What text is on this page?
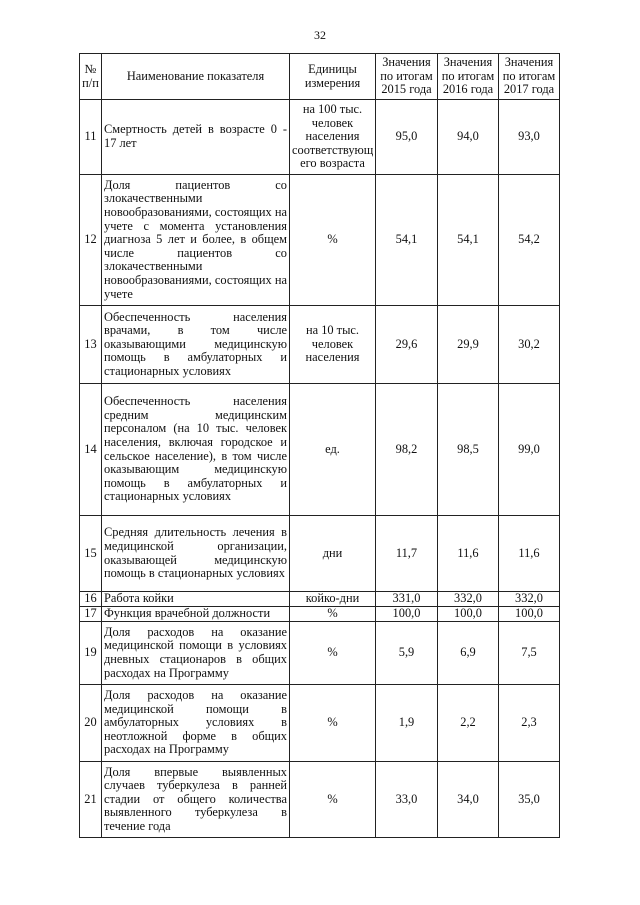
32
№ п/п	Наименование показателя	Единицы измерения	Значения по итогам 2015 года	Значения по итогам 2016 года	Значения по итогам 2017 года
11	Смертность детей в возрасте 0 - 17 лет	на 100 тыс. человек населения соответствующ его возраста	95,0	94,0	93,0
12	Доля пациентов со злокачественными новообразованиями, состоящих на учете с момента установления диагноза 5 лет и более, в общем числе пациентов со злокачественными новообразованиями, состоящих на учете	%	54,1	54,1	54,2
13	Обеспеченность населения врачами, в том числе оказывающими медицинскую помощь в амбулаторных и стационарных условиях	на 10 тыс. человек населения	29,6	29,9	30,2
14	Обеспеченность населения средним медицинским персоналом (на 10 тыс. человек населения, включая городское и сельское население), в том числе оказывающим медицинскую помощь в амбулаторных и стационарных условиях	ед.	98,2	98,5	99,0
15	Средняя длительность лечения в медицинской организации, оказывающей медицинскую помощь в стационарных условиях	дни	11,7	11,6	11,6
16	Работа койки	койко-дни	331,0	332,0	332,0
17	Функция врачебной должности	%	100,0	100,0	100,0
19	Доля расходов на оказание медицинской помощи в условиях дневных стационаров в общих расходах на Программу	%	5,9	6,9	7,5
20	Доля расходов на оказание медицинской помощи в амбулаторных условиях в неотложной форме в общих расходах на Программу	%	1,9	2,2	2,3
21	Доля впервые выявленных случаев туберкулеза в ранней стадии от общего количества выявленного туберкулеза в течение года	%	33,0	34,0	35,0
